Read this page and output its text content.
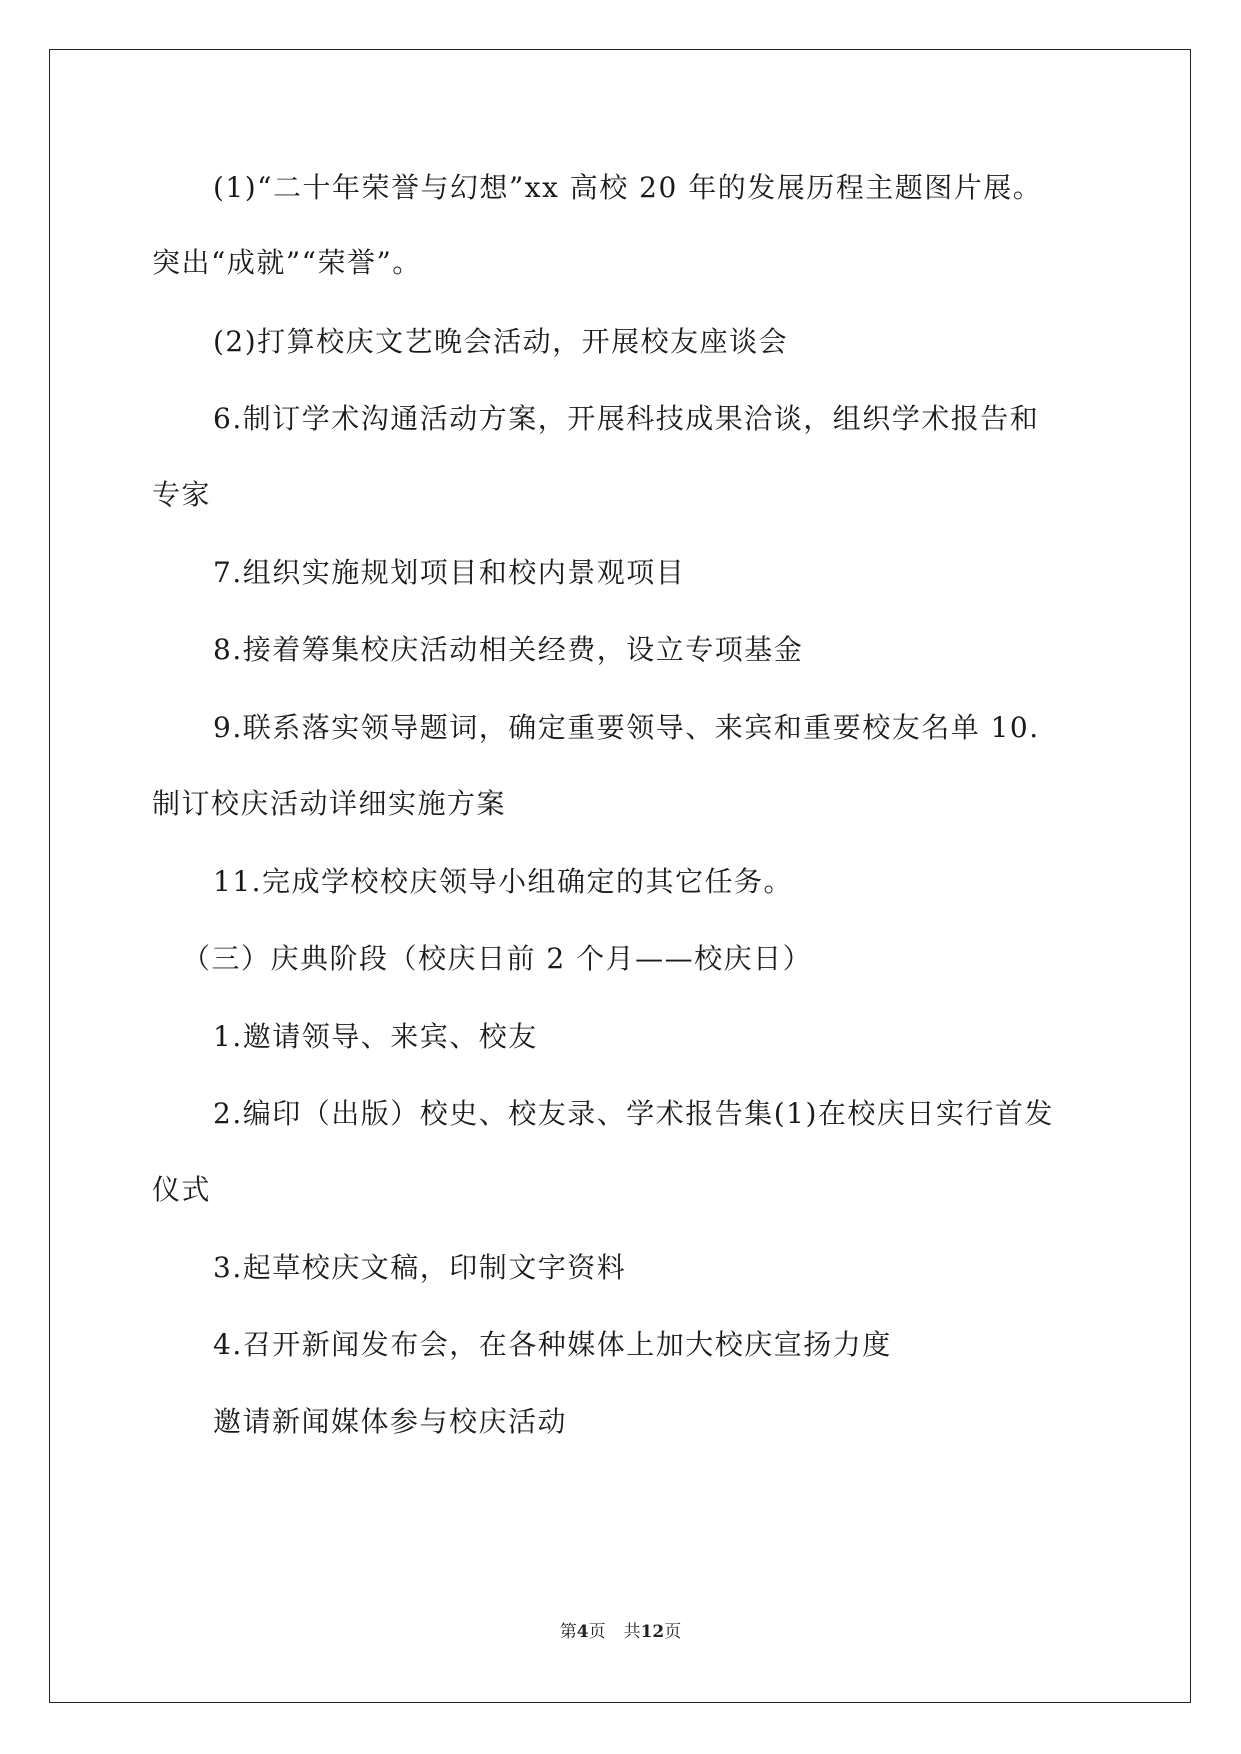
(1)“二十年荣誉与幻想”xx 高校 20 年的发展历程主题图片展。
突出“成就”“荣誉”。
(2)打算校庆文艺晚会活动，开展校友座谈会
6.制订学术沟通活动方案，开展科技成果洽谈，组织学术报告和
专家
7.组织实施规划项目和校内景观项目
8.接着筹集校庆活动相关经费，设立专项基金
9.联系落实领导题词，确定重要领导、来宾和重要校友名单 10.
制订校庆活动详细实施方案
11.完成学校校庆领导小组确定的其它任务。
（三）庆典阶段（校庆日前 2 个月——校庆日）
1.邀请领导、来宾、校友
2.编印（出版）校史、校友录、学术报告集(1)在校庆日实行首发
仪式
3.起草校庆文稿，印制文字资料
4.召开新闻发布会，在各种媒体上加大校庆宣扬力度
邀请新闻媒体参与校庆活动
第4页 共12页
